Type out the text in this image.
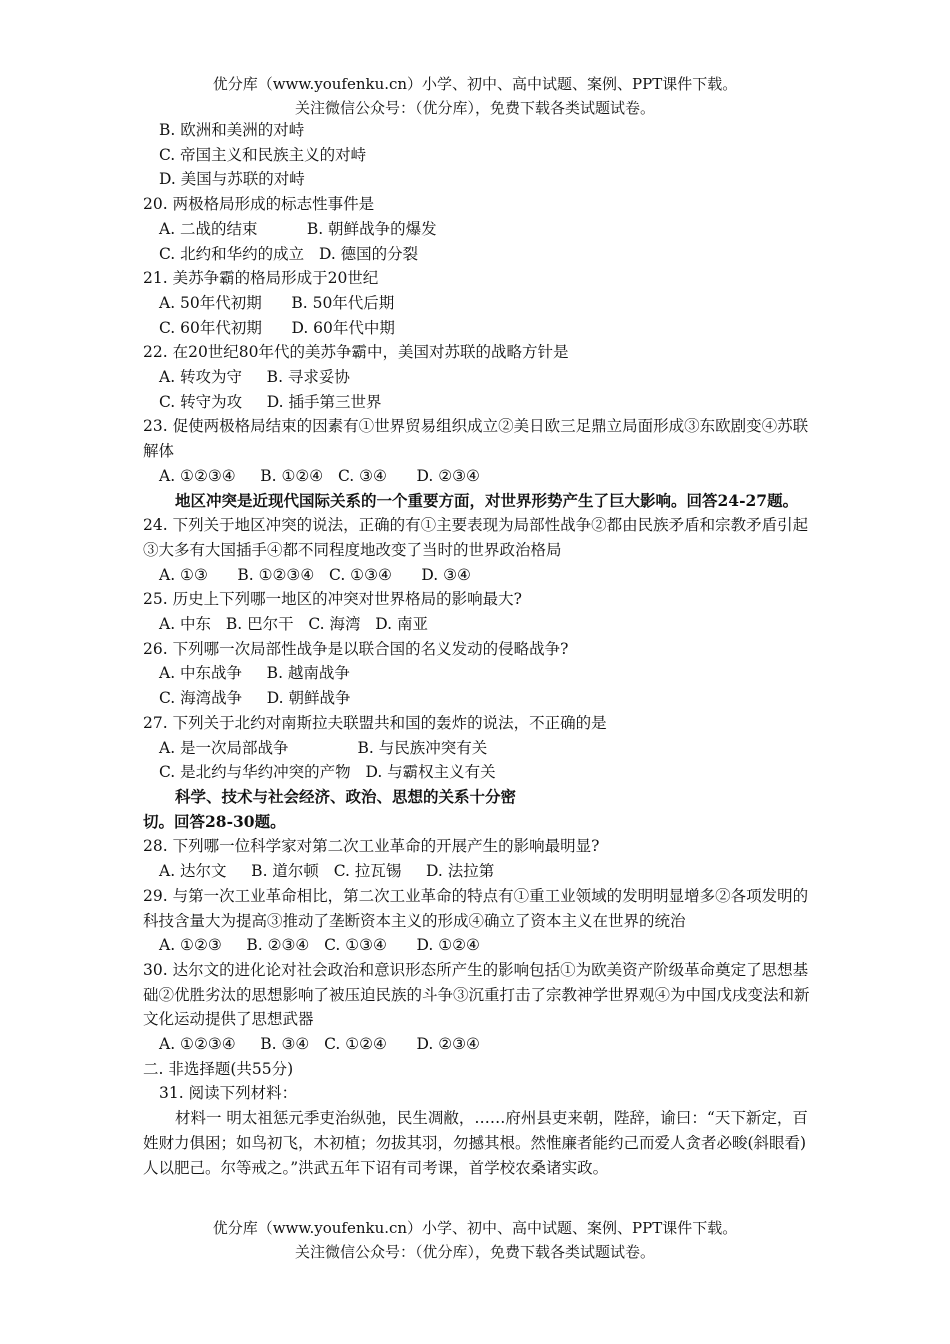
优分库（www.youfenku.cn）小学、初中、高中试题、案例、PPT课件下载。
关注微信公众号：（优分库），免费下载各类试题试卷。
B. 欧洲和美洲的对峙
C. 帝国主义和民族主义的对峙
D. 美国与苏联的对峙
20. 两极格局形成的标志性事件是
A. 二战的结束          B. 朝鲜战争的爆发
C. 北约和华约的成立   D. 德国的分裂
21. 美苏争霸的格局形成于20世纪
A. 50年代初期      B. 50年代后期
C. 60年代初期      D. 60年代中期
22. 在20世纪80年代的美苏争霸中，美国对苏联的战略方针是
A. 转攻为守     B. 寻求妥协
C. 转守为攻     D. 插手第三世界
23. 促使两极格局结束的因素有①世界贸易组织成立②美日欧三足鼎立局面形成③东欧剧变④苏联解体
A. ①②③④     B. ①②④   C. ③④      D. ②③④
地区冲突是近现代国际关系的一个重要方面，对世界形势产生了巨大影响。回答24-27题。
24. 下列关于地区冲突的说法，正确的有①主要表现为局部性战争②都由民族矛盾和宗教矛盾引起③大多有大国插手④都不同程度地改变了当时的世界政治格局
A. ①③      B. ①②③④   C. ①③④      D. ③④
25. 历史上下列哪一地区的冲突对世界格局的影响最大?
A. 中东   B. 巴尔干   C. 海湾   D. 南亚
26. 下列哪一次局部性战争是以联合国的名义发动的侵略战争?
A. 中东战争     B. 越南战争
C. 海湾战争     D. 朝鲜战争
27. 下列关于北约对南斯拉夫联盟共和国的轰炸的说法，不正确的是
A. 是一次局部战争              B. 与民族冲突有关
C. 是北约与华约冲突的产物   D. 与霸权主义有关
科学、技术与社会经济、政治、思想的关系十分密
切。回答28-30题。
28. 下列哪一位科学家对第二次工业革命的开展产生的影响最明显?
A. 达尔文     B. 道尔顿   C. 拉瓦锡     D. 法拉第
29. 与第一次工业革命相比，第二次工业革命的特点有①重工业领域的发明明显增多②各项发明的科技含量大为提高③推动了垄断资本主义的形成④确立了资本主义在世界的统治
A. ①②③     B. ②③④   C. ①③④      D. ①②④
30. 达尔文的进化论对社会政治和意识形态所产生的影响包括①为欧美资产阶级革命奠定了思想基础②优胜劣汰的思想影响了被压迫民族的斗争③沉重打击了宗教神学世界观④为中国戊戌变法和新文化运动提供了思想武器
A. ①②③④     B. ③④   C. ①②④      D. ②③④
二. 非选择题(共55分)
31. 阅读下列材料：
材料一 明太祖惩元季吏治纵弛，民生凋敝，……府州县吏来朝，陛辞，谕曰：“天下新定，百姓财力俱困；如鸟初飞，木初植；勿拔其羽，勿撼其根。然惟廉者能约己而爱人贪者必畯(斜眼看)人以肥己。尔等戒之。”洪武五年下诏有司考课，首学校农桑诸实政。
优分库（www.youfenku.cn）小学、初中、高中试题、案例、PPT课件下载。
关注微信公众号：（优分库），免费下载各类试题试卷。
